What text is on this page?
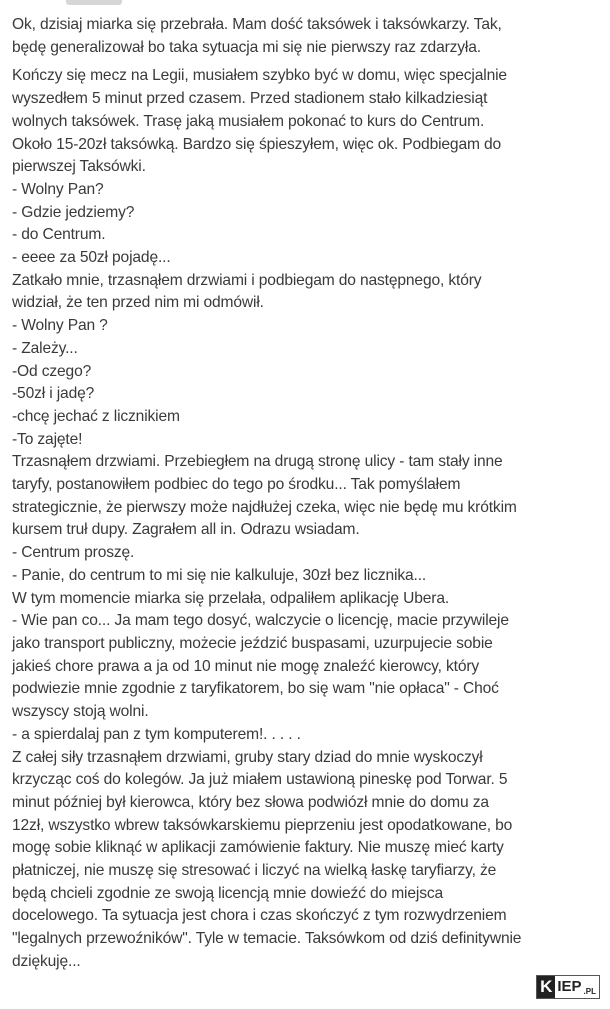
Ok, dzisiaj miarka się przebrała. Mam dość taksówek i taksówkarzy. Tak,
będę generalizował bo taka sytuacja mi się nie pierwszy raz zdarzyła.

Kończy się mecz na Legii, musiałem szybko być w domu, więc specjalnie
wyszedłem 5 minut przed czasem. Przed stadionem stało kilkadziesiąt
wolnych taksówek. Trasę jaką musiałem pokonać to kurs do Centrum.
Około 15-20zł taksówką. Bardzo się śpieszyłem, więc ok. Podbiegam do
pierwszej Taksówki.
- Wolny Pan?
- Gdzie jedziemy?
- do Centrum.
- eeee za 50zł pojadę...
Zatkało mnie, trzasnąłem drzwiami i podbiegam do następnego, który
widział, że ten przed nim mi odmówił.
- Wolny Pan ?
- Zależy...
-Od czego?
-50zł i jadę?
-chcę jechać z licznikiem
-To zajęte!
Trzasnąłem drzwiami. Przebiegłem na drugą stronę ulicy - tam stały inne
taryfy, postanowiłem podbiec do tego po środku... Tak pomyślałem
strategicznie, że pierwszy może najdłużej czeka, więc nie będę mu krótkim
kursem truł dupy. Zagrałem all in. Odrazu wsiadam.
- Centrum proszę.
- Panie, do centrum to mi się nie kalkuluje, 30zł bez licznika...
W tym momencie miarka się przelała, odpaliłem aplikację Ubera.
- Wie pan co... Ja mam tego dosyć, walczycie o licencję, macie przywileje
jako transport publiczny, możecie jeździć buspasami, uzurpujecie sobie
jakieś chore prawa a ja od 10 minut nie mogę znaleźć kierowcy, który
podwiezie mnie zgodnie z taryfikatorem, bo się wam "nie opłaca" - Choć
wszyscy stoją wolni.
- a spierdalaj pan z tym komputerem!. . . . .
Z całej siły trzasnąłem drzwiami, gruby stary dziad do mnie wyskoczył
krzycząc coś do kolegów. Ja już miałem ustawioną pineskę pod Torwar. 5
minut później był kierowca, który bez słowa podwiózł mnie do domu za
12zł, wszystko wbrew taksówkarskiemu pieprzeniu jest opodatkowane, bo
mogę sobie kliknąć w aplikacji zamówienie faktury. Nie muszę mieć karty
płatniczej, nie muszę się stresować i liczyć na wielką łaskę taryfiarzy, że
będą chcieli zgodnie ze swoją licencją mnie dowieźć do miejsca
docelowego. Ta sytuacja jest chora i czas skończyć z tym rozwydrzeniem
"legalnych przewoźników". Tyle w temacie. Taksówkom od dziś definitywnie
dziękuję...

K IEP .PL
